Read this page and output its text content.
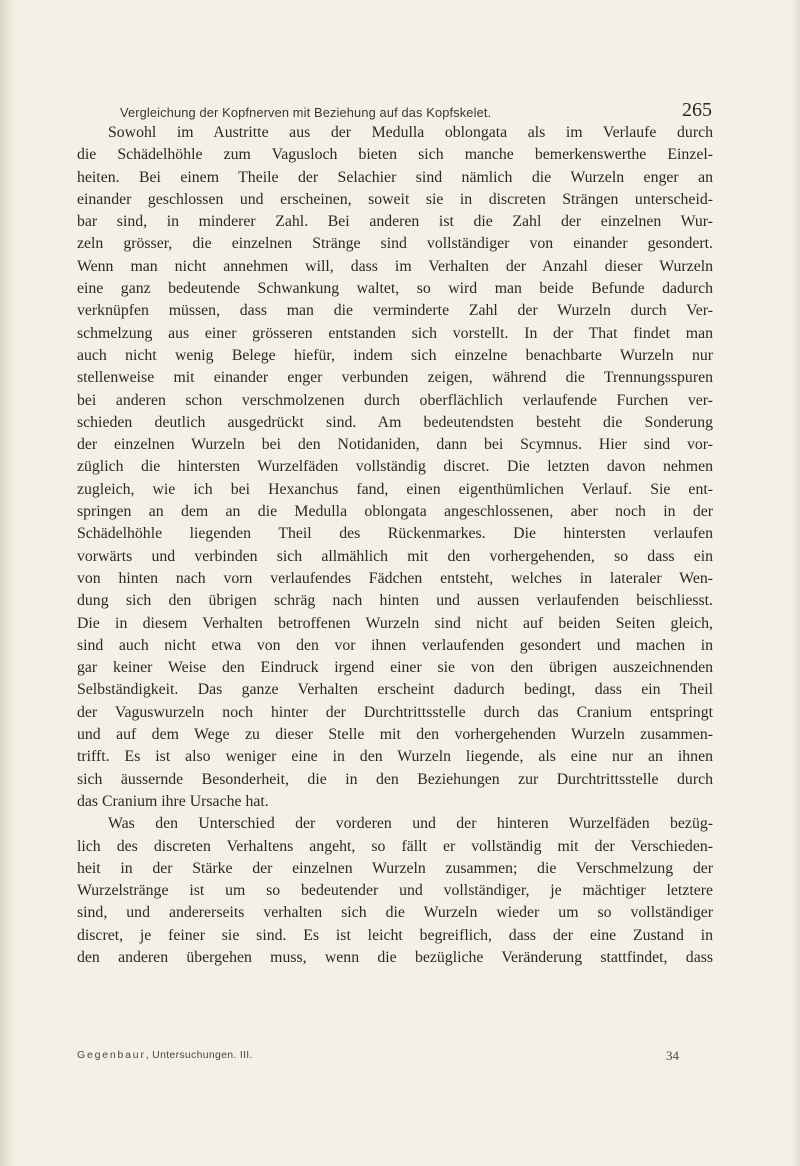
Vergleichung der Kopfnerven mit Beziehung auf das Kopfskelet.	265
Sowohl im Austritte aus der Medulla oblongata als im Verlaufe durch
die Schädelhöhle zum Vagusloch bieten sich manche bemerkenswerthe Einzel-
heiten. Bei einem Theile der Selachier sind nämlich die Wurzeln enger an
einander geschlossen und erscheinen, soweit sie in discreten Strängen unterscheid-
bar sind, in minderer Zahl. Bei anderen ist die Zahl der einzelnen Wur-
zeln grösser, die einzelnen Stränge sind vollständiger von einander gesondert.
Wenn man nicht annehmen will, dass im Verhalten der Anzahl dieser Wurzeln
eine ganz bedeutende Schwankung waltet, so wird man beide Befunde dadurch
verknüpfen müssen, dass man die verminderte Zahl der Wurzeln durch Ver-
schmelzung aus einer grösseren entstanden sich vorstellt. In der That findet man
auch nicht wenig Belege hiefür, indem sich einzelne benachbarte Wurzeln nur
stellenweise mit einander enger verbunden zeigen, während die Trennungsspuren
bei anderen schon verschmolzenen durch oberflächlich verlaufende Furchen ver-
schieden deutlich ausgedrückt sind. Am bedeutendsten besteht die Sonderung
der einzelnen Wurzeln bei den Notidaniden, dann bei Scymnus. Hier sind vor-
züglich die hintersten Wurzelfäden vollständig discret. Die letzten davon nehmen
zugleich, wie ich bei Hexanchus fand, einen eigenthümlichen Verlauf. Sie ent-
springen an dem an die Medulla oblongata angeschlossenen, aber noch in der
Schädelhöhle liegenden Theil des Rückenmarkes. Die hintersten verlaufen
vorwärts und verbinden sich allmählich mit den vorhergehenden, so dass ein
von hinten nach vorn verlaufendes Fädchen entsteht, welches in lateraler Wen-
dung sich den übrigen schräg nach hinten und aussen verlaufenden beischliesst.
Die in diesem Verhalten betroffenen Wurzeln sind nicht auf beiden Seiten gleich,
sind auch nicht etwa von den vor ihnen verlaufenden gesondert und machen in
gar keiner Weise den Eindruck irgend einer sie von den übrigen auszeichnenden
Selbständigkeit. Das ganze Verhalten erscheint dadurch bedingt, dass ein Theil
der Vaguswurzeln noch hinter der Durchtrittsstelle durch das Cranium entspringt
und auf dem Wege zu dieser Stelle mit den vorhergehenden Wurzeln zusammen-
trifft. Es ist also weniger eine in den Wurzeln liegende, als eine nur an ihnen
sich äussernde Besonderheit, die in den Beziehungen zur Durchtrittsstelle durch
das Cranium ihre Ursache hat.
Was den Unterschied der vorderen und der hinteren Wurzelfäden bezüg-
lich des discreten Verhaltens angeht, so fällt er vollständig mit der Verschieden-
heit in der Stärke der einzelnen Wurzeln zusammen; die Verschmelzung der
Wurzelstränge ist um so bedeutender und vollständiger, je mächtiger letztere
sind, und andererseits verhalten sich die Wurzeln wieder um so vollständiger
discret, je feiner sie sind. Es ist leicht begreiflich, dass der eine Zustand in
den anderen übergehen muss, wenn die bezügliche Veränderung stattfindet, dass
Gegenbaur, Untersuchungen. III.	34
